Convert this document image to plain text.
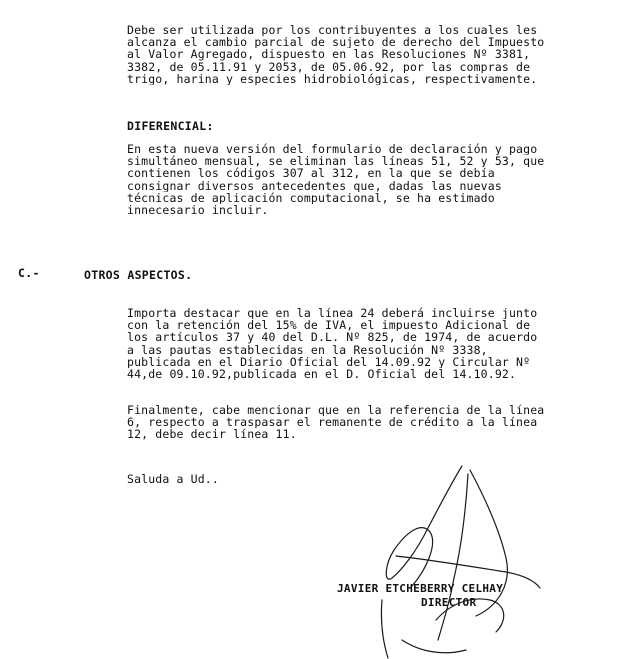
Debe ser utilizada por los contribuyentes a los cuales les
alcanza el cambio parcial de sujeto de derecho del Impuesto
al Valor Agregado, dispuesto en las Resoluciones Nº 3381,
3382, de 05.11.91 y 2053, de 05.06.92, por las compras de
trigo, harina y especies hidrobiológicas, respectivamente.
DIFERENCIAL:
En esta nueva versión del formulario de declaración y pago
simultáneo mensual, se eliminan las líneas 51, 52 y 53, que
contienen los códigos 307 al 312, en la que se debía
consignar diversos antecedentes que, dadas las nuevas
técnicas de aplicación computacional, se ha estimado
innecesario incluir.
C.-	OTROS ASPECTOS.
Importa destacar que en la línea 24 deberá incluirse junto
con la retención del 15% de IVA, el impuesto Adicional de
los artículos 37 y 40 del D.L. Nº 825, de 1974, de acuerdo
a las pautas establecidas en la Resolución Nº 3338,
publicada en el Diario Oficial del 14.09.92 y Circular Nº
44,de 09.10.92,publicada en el D. Oficial del 14.10.92.
Finalmente, cabe mencionar que en la referencia de la línea
6, respecto a traspasar el remanente de crédito a la línea
12, debe decir línea 11.
Saluda a Ud..
JAVIER ETCHEBERRY CELHAY
DIRECTOR
